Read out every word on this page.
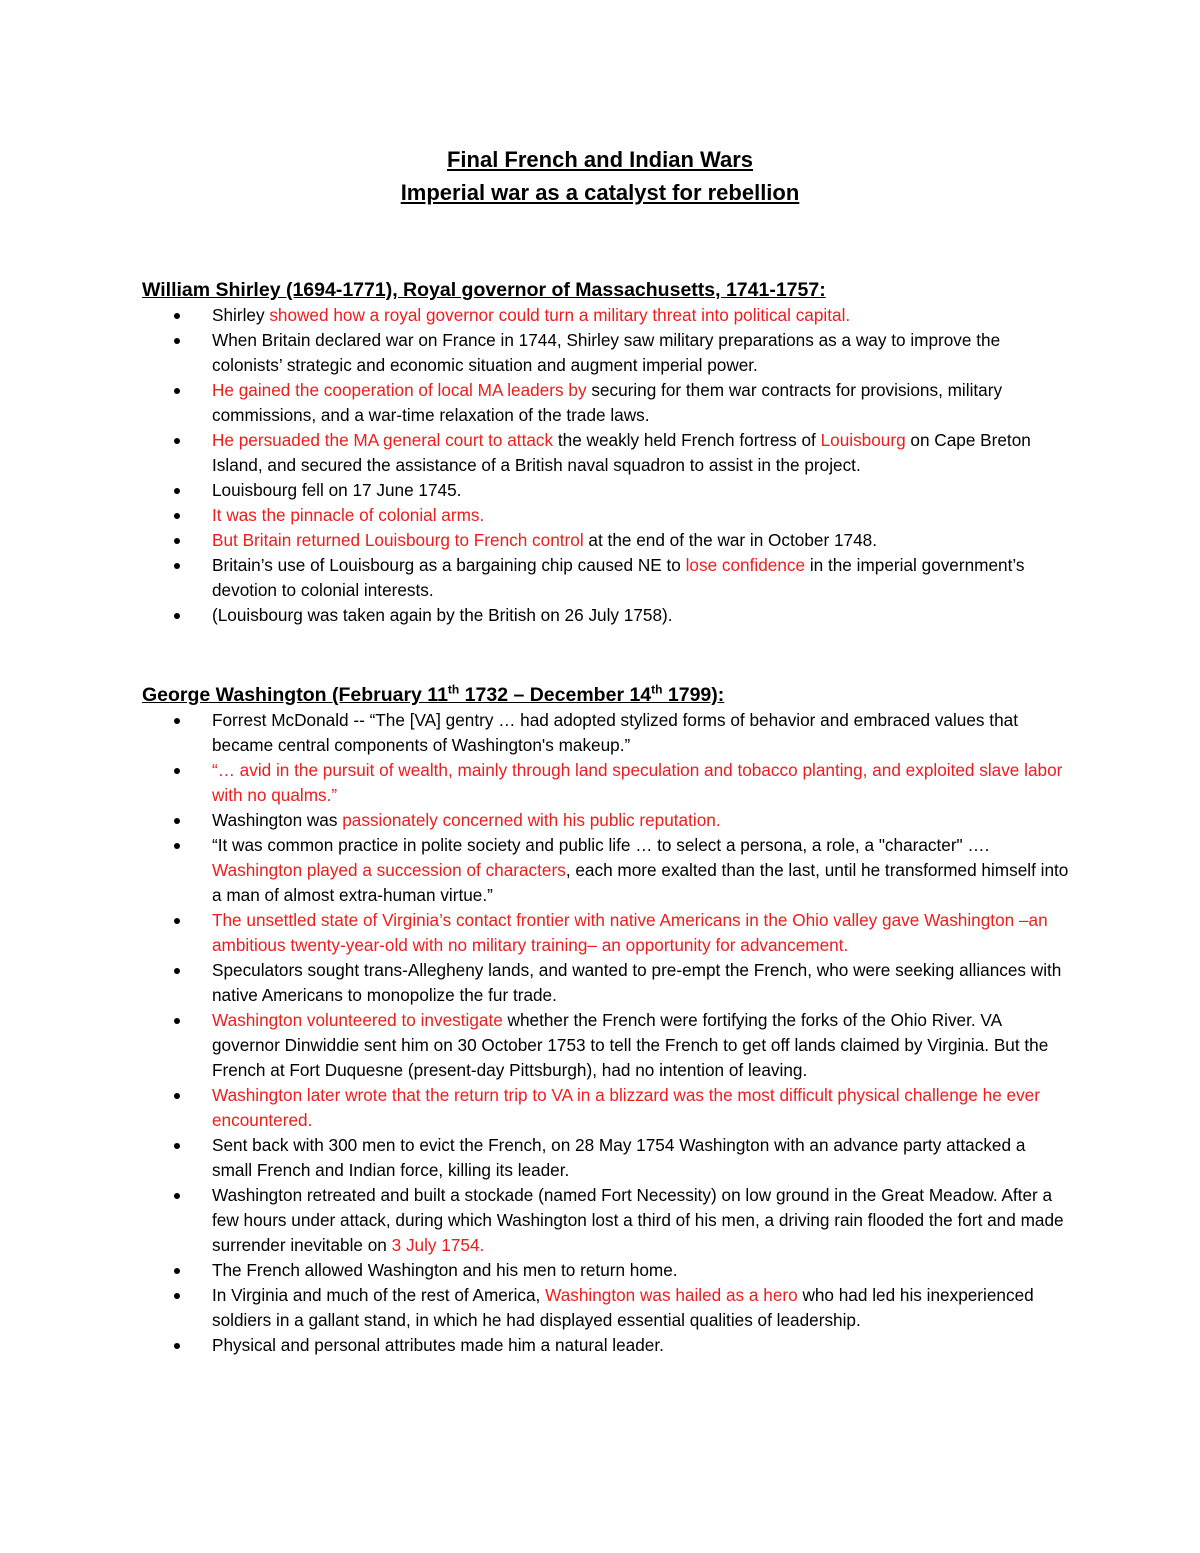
Final French and Indian Wars

Imperial war as a catalyst for rebellion

William Shirley (1694-1771), Royal governor of Massachusetts, 1741-1757:

Shirley showed how a royal governor could turn a military threat into political capital.
When Britain declared war on France in 1744, Shirley saw military preparations as a way to improve the colonists’ strategic and economic situation and augment imperial power.
He gained the cooperation of local MA leaders by securing for them war contracts for provisions, military commissions, and a war-time relaxation of the trade laws.
He persuaded the MA general court to attack the weakly held French fortress of Louisbourg on Cape Breton Island, and secured the assistance of a British naval squadron to assist in the project.
Louisbourg fell on 17 June 1745.
It was the pinnacle of colonial arms.
But Britain returned Louisbourg to French control at the end of the war in October 1748.
Britain’s use of Louisbourg as a bargaining chip caused NE to lose confidence in the imperial government’s devotion to colonial interests.
(Louisbourg was taken again by the British on 26 July 1758).

George Washington (February 11th 1732 – December 14th 1799):

Forrest McDonald -- “The [VA] gentry … had adopted stylized forms of behavior and embraced values that became central components of Washington's makeup.”
“… avid in the pursuit of wealth, mainly through land speculation and tobacco planting, and exploited slave labor with no qualms.”
Washington was passionately concerned with his public reputation.
“It was common practice in polite society and public life … to select a persona, a role, a "character" …. Washington played a succession of characters, each more exalted than the last, until he transformed himself into a man of almost extra-human virtue.”
The unsettled state of Virginia’s contact frontier with native Americans in the Ohio valley gave Washington –an ambitious twenty-year-old with no military training– an opportunity for advancement.
Speculators sought trans-Allegheny lands, and wanted to pre-empt the French, who were seeking alliances with native Americans to monopolize the fur trade.
Washington volunteered to investigate whether the French were fortifying the forks of the Ohio River. VA governor Dinwiddie sent him on 30 October 1753 to tell the French to get off lands claimed by Virginia. But the French at Fort Duquesne (present-day Pittsburgh), had no intention of leaving.
Washington later wrote that the return trip to VA in a blizzard was the most difficult physical challenge he ever encountered.
Sent back with 300 men to evict the French, on 28 May 1754 Washington with an advance party attacked a small French and Indian force, killing its leader.
Washington retreated and built a stockade (named Fort Necessity) on low ground in the Great Meadow. After a few hours under attack, during which Washington lost a third of his men, a driving rain flooded the fort and made surrender inevitable on 3 July 1754.
The French allowed Washington and his men to return home.
In Virginia and much of the rest of America, Washington was hailed as a hero who had led his inexperienced soldiers in a gallant stand, in which he had displayed essential qualities of leadership.
Physical and personal attributes made him a natural leader.
